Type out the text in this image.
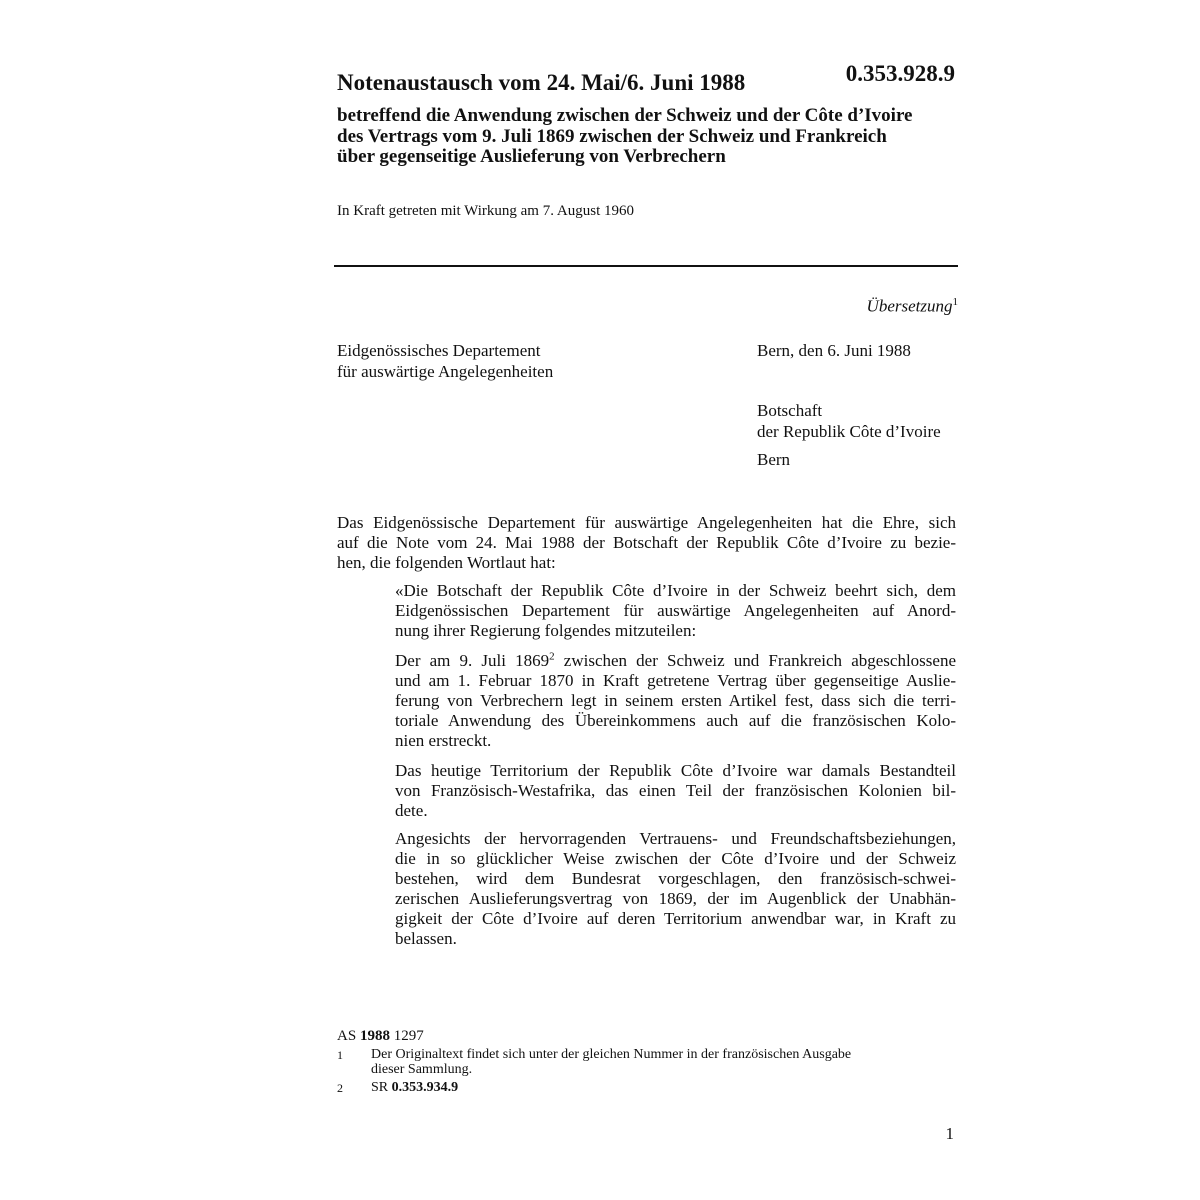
Notenaustausch vom 24. Mai/6. Juni 1988	0.353.928.9
betreffend die Anwendung zwischen der Schweiz und der Côte d’Ivoire
des Vertrags vom 9. Juli 1869 zwischen der Schweiz und Frankreich
über gegenseitige Auslieferung von Verbrechern
In Kraft getreten mit Wirkung am 7. August 1960
Übersetzung$^1$
Eidgenössisches Departement
für auswärtige Angelegenheiten
Bern, den 6. Juni 1988
Botschaft
der Republik Côte d’Ivoire
Bern
Das Eidgenössische Departement für auswärtige Angelegenheiten hat die Ehre, sich
auf die Note vom 24. Mai 1988 der Botschaft der Republik Côte d’Ivoire zu bezie-
hen, die folgenden Wortlaut hat:
«Die Botschaft der Republik Côte d’Ivoire in der Schweiz beehrt sich, dem
Eidgenössischen Departement für auswärtige Angelegenheiten auf Anord-
nung ihrer Regierung folgendes mitzuteilen:
Der am 9. Juli 1869$^2$ zwischen der Schweiz und Frankreich abgeschlossene
und am 1. Februar 1870 in Kraft getretene Vertrag über gegenseitige Auslie-
ferung von Verbrechern legt in seinem ersten Artikel fest, dass sich die terri-
toriale Anwendung des Übereinkommens auch auf die französischen Kolo-
nien erstreckt.
Das heutige Territorium der Republik Côte d’Ivoire war damals Bestandteil
von Französisch-Westafrika, das einen Teil der französischen Kolonien bil-
dete.
Angesichts der hervorragenden Vertrauens- und Freundschaftsbeziehungen,
die in so glücklicher Weise zwischen der Côte d’Ivoire und der Schweiz
bestehen, wird dem Bundesrat vorgeschlagen, den französisch-schwei-
zerischen Auslieferungsvertrag von 1869, der im Augenblick der Unabhän-
gigkeit der Côte d’Ivoire auf deren Territorium anwendbar war, in Kraft zu
belassen.
AS 1988 1297
1 Der Originaltext findet sich unter der gleichen Nummer in der französischen Ausgabe
dieser Sammlung.
2 SR 0.353.934.9
1
